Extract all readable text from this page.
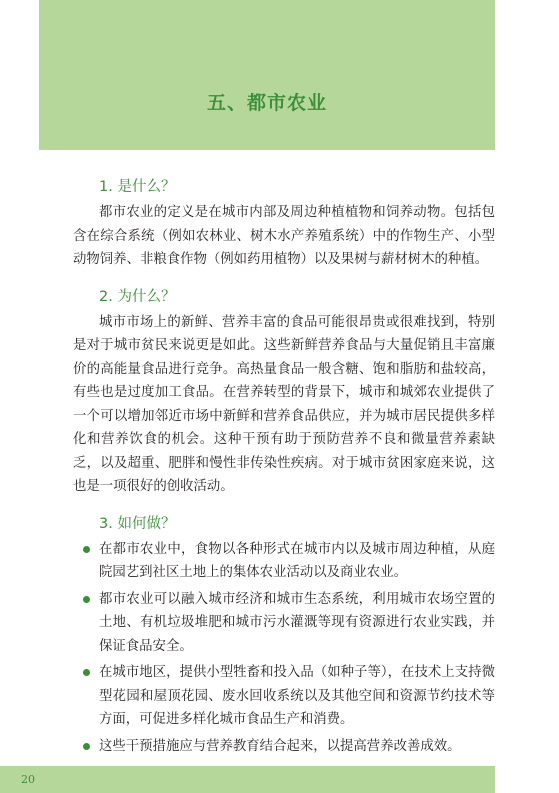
五、都市农业
1. 是什么？

都市农业的定义是在城市内部及周边种植植物和饲养动物。包括包含在综合系统（例如农林业、树木水产养殖系统）中的作物生产、小型动物饲养、非粮食作物（例如药用植物）以及果树与薪材树木的种植。

2. 为什么？

城市市场上的新鲜、营养丰富的食品可能很昂贵或很难找到，特别是对于城市贫民来说更是如此。这些新鲜营养食品与大量促销且丰富廉价的高能量食品进行竞争。高热量食品一般含糖、饱和脂肪和盐较高，有些也是过度加工食品。在营养转型的背景下，城市和城郊农业提供了一个可以增加邻近市场中新鲜和营养食品供应，并为城市居民提供多样化和营养饮食的机会。这种干预有助于预防营养不良和微量营养素缺乏，以及超重、肥胖和慢性非传染性疾病。对于城市贫困家庭来说，这也是一项很好的创收活动。

3. 如何做？
在都市农业中，食物以各种形式在城市内以及城市周边种植，从庭院园艺到社区土地上的集体农业活动以及商业农业。
都市农业可以融入城市经济和城市生态系统，利用城市农场空置的土地、有机垃圾堆肥和城市污水灌溉等现有资源进行农业实践，并保证食品安全。
在城市地区，提供小型牲畜和投入品（如种子等），在技术上支持微型花园和屋顶花园、废水回收系统以及其他空间和资源节约技术等方面，可促进多样化城市食品生产和消费。
这些干预措施应与营养教育结合起来，以提高营养改善成效。
20
